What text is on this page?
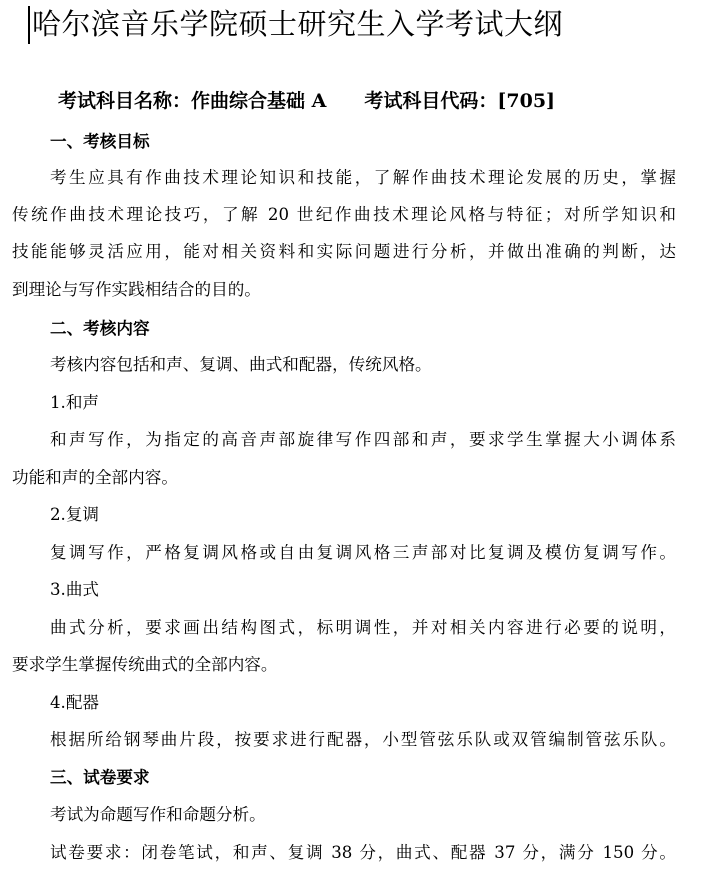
哈尔滨音乐学院硕士研究生入学考试大纲
考试科目名称：作曲综合基础 A 考试科目代码：[705]
一、考核目标
考生应具有作曲技术理论知识和技能，了解作曲技术理论发展的历史，掌握
传统作曲技术理论技巧，了解 20 世纪作曲技术理论风格与特征；对所学知识和
技能能够灵活应用，能对相关资料和实际问题进行分析，并做出准确的判断，达
到理论与写作实践相结合的目的。
二、考核内容
考核内容包括和声、复调、曲式和配器，传统风格。
1.和声
和声写作，为指定的高音声部旋律写作四部和声，要求学生掌握大小调体系
功能和声的全部内容。
2.复调
复调写作，严格复调风格或自由复调风格三声部对比复调及模仿复调写作。
3.曲式
曲式分析，要求画出结构图式，标明调性，并对相关内容进行必要的说明，
要求学生掌握传统曲式的全部内容。
4.配器
根据所给钢琴曲片段，按要求进行配器，小型管弦乐队或双管编制管弦乐队。
三、试卷要求
考试为命题写作和命题分析。
试卷要求：闭卷笔试，和声、复调 38 分，曲式、配器 37 分，满分 150 分。
